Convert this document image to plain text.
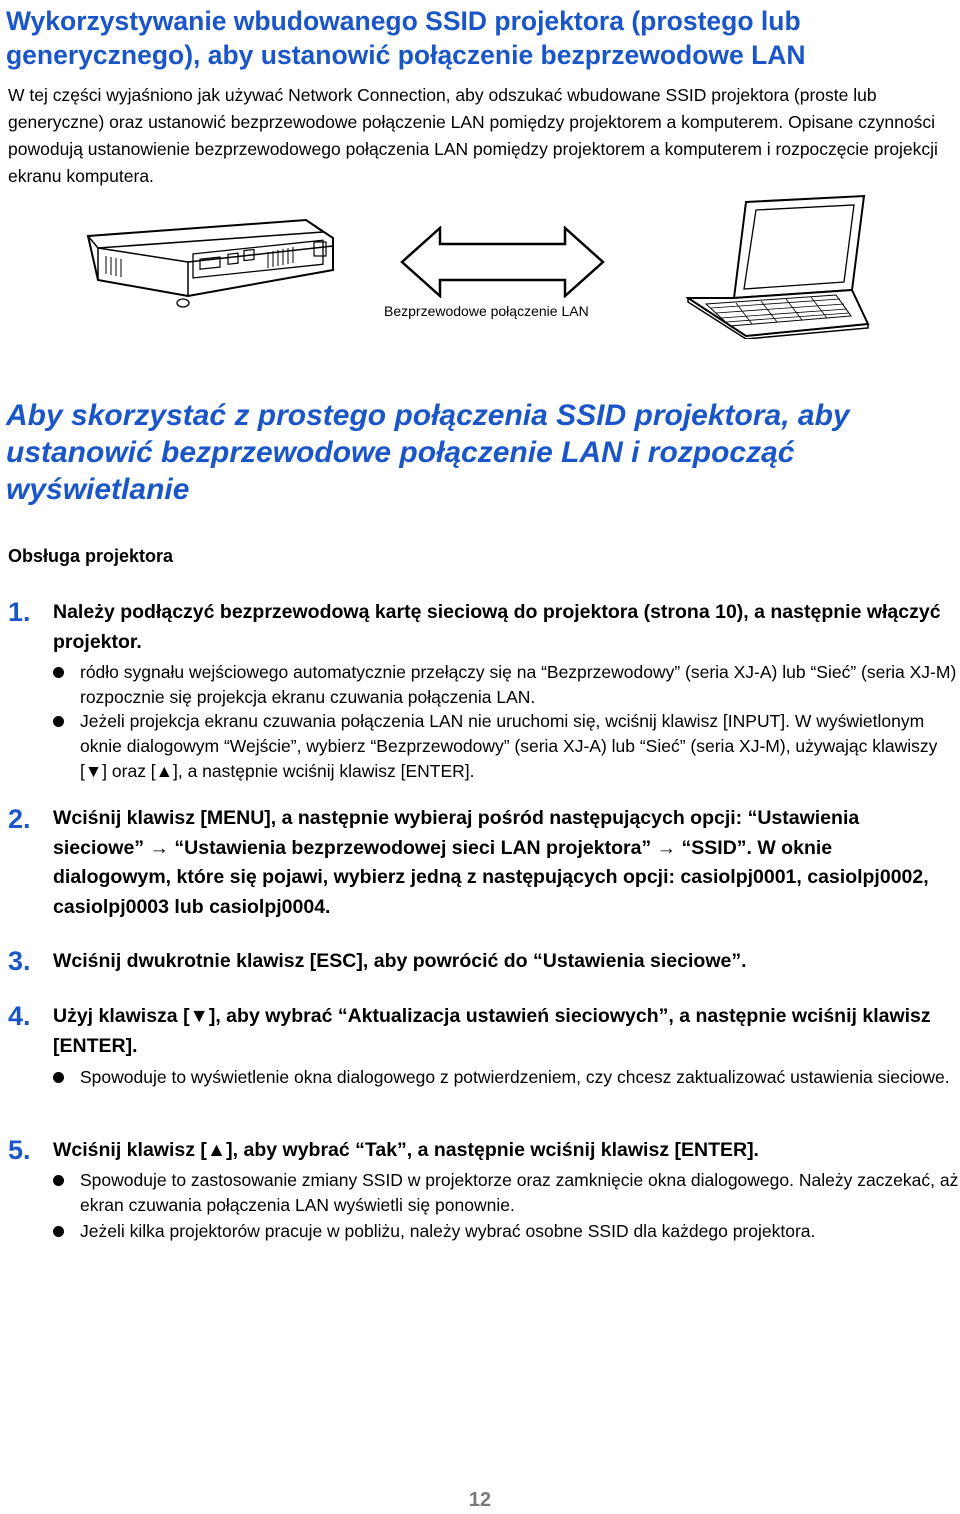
Wykorzystywanie wbudowanego SSID projektora (prostego lub generycznego), aby ustanowić połączenie bezprzewodowe LAN

W tej części wyjaśniono jak używać Network Connection, aby odszukać wbudowane SSID projektora (proste lub generyczne) oraz ustanowić bezprzewodowe połączenie LAN pomiędzy projektorem a komputerem. Opisane czynności powodują ustanowienie bezprzewodowego połączenia LAN pomiędzy projektorem a komputerem i rozpoczęcie projekcji ekranu komputera.

Bezprzewodowe połączenie LAN
Aby skorzystać z prostego połączenia SSID projektora, aby ustanowić bezprzewodowe połączenie LAN i rozpocząć wyświetlanie
Obsługa projektora
1. Należy podłączyć bezprzewodową kartę sieciową do projektora (strona 10), a następnie włączyć projektor.
ródło sygnału wejściowego automatycznie przełączy się na “Bezprzewodowy” (seria XJ-A) lub “Sieć” (seria XJ-M) rozpocznie się projekcja ekranu czuwania połączenia LAN.
Jeżeli projekcja ekranu czuwania połączenia LAN nie uruchomi się, wciśnij klawisz [INPUT]. W wyświetlonym oknie dialogowym “Wejście”, wybierz “Bezprzewodowy” (seria XJ-A) lub “Sieć” (seria XJ-M), używając klawiszy [▼] oraz [▲], a następnie wciśnij klawisz [ENTER].
2. Wciśnij klawisz [MENU], a następnie wybieraj pośród następujących opcji: “Ustawienia sieciowe” → “Ustawienia bezprzewodowej sieci LAN projektora” → “SSID”. W oknie dialogowym, które się pojawi, wybierz jedną z następujących opcji: casiolpj0001, casiolpj0002, casiolpj0003 lub casiolpj0004.
3. Wciśnij dwukrotnie klawisz [ESC], aby powrócić do “Ustawienia sieciowe”.
4. Użyj klawisza [▼], aby wybrać “Aktualizacja ustawień sieciowych”, a następnie wciśnij klawisz [ENTER].
Spowoduje to wyświetlenie okna dialogowego z potwierdzeniem, czy chcesz zaktualizować ustawienia sieciowe.
5. Wciśnij klawisz [▲], aby wybrać “Tak”, a następnie wciśnij klawisz [ENTER].
Spowoduje to zastosowanie zmiany SSID w projektorze oraz zamknięcie okna dialogowego. Należy zaczekać, aż ekran czuwania połączenia LAN wyświetli się ponownie.
Jeżeli kilka projektorów pracuje w pobliżu, należy wybrać osobne SSID dla każdego projektora.
12
